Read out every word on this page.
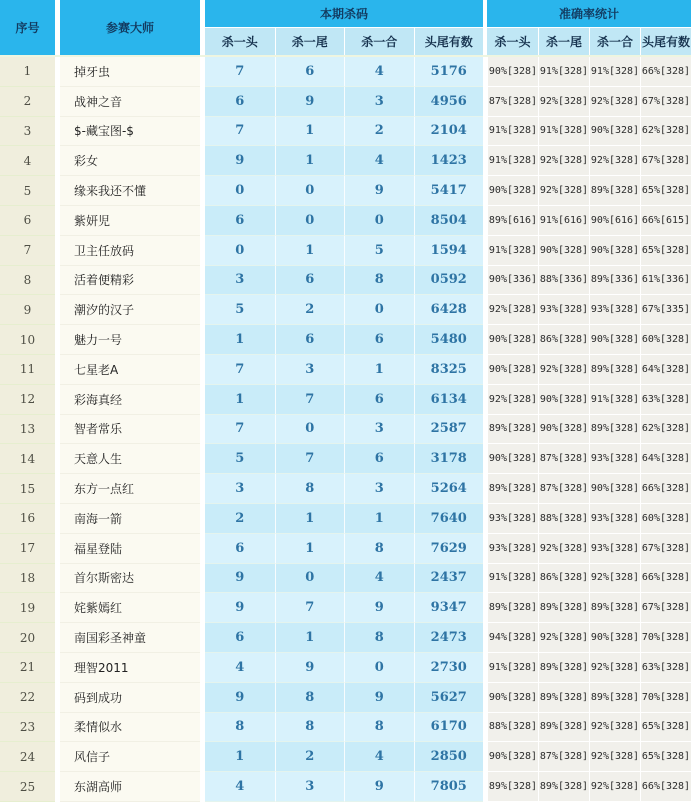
序号	参赛大师
本期杀码
杀一头	杀一尾	杀一合	头尾有数
准确率统计
杀一头	杀一尾	杀一合 头尾有数
1	掉牙虫	7	6	4	5176	90%[328] 91%[328] 91%[328] 66%[328]
2	战神之音	6	9	3	4956	87%[328] 92%[328] 92%[328] 67%[328]
3	$-藏宝图-$	7	1	2	2104	91%[328] 91%[328] 90%[328] 62%[328]
4	彩女	9	1	4	1423	91%[328] 92%[328] 92%[328] 67%[328]
5	缘来我还不懂	0	0	9	5417	90%[328] 92%[328] 89%[328] 65%[328]
6	紫妍児	6	0	0	8504	89%[616] 91%[616] 90%[616] 66%[615]
7	卫主任放码	0	1	5	1594	91%[328] 90%[328] 90%[328] 65%[328]
8	活着便精彩	3	6	8	0592	90%[336] 88%[336] 89%[336] 61%[336]
9	潮汐的汉子	5	2	0	6428	92%[328] 93%[328] 93%[328] 67%[335]
10	魅力一号	1	6	6	5480	90%[328] 86%[328] 90%[328] 60%[328]
11	七星老A	7	3	1	8325	90%[328] 92%[328] 89%[328] 64%[328]
12	彩海真经	1	7	6	6134	92%[328] 90%[328] 91%[328] 63%[328]
13	智者常乐	7	0	3	2587	89%[328] 90%[328] 89%[328] 62%[328]
14	天意人生	5	7	6	3178	90%[328] 87%[328] 93%[328] 64%[328]
15	东方一点红	3	8	3	5264	89%[328] 87%[328] 90%[328] 66%[328]
16	南海一箭	2	1	1	7640	93%[328] 88%[328] 93%[328] 60%[328]
17	福星登陆	6	1	8	7629	93%[328] 92%[328] 93%[328] 67%[328]
18	首尔斯密达	9	0	4	2437	91%[328] 86%[328] 92%[328] 66%[328]
19	姹紫嫣红	9	7	9	9347	89%[328] 89%[328] 89%[328] 67%[328]
20	南国彩圣神童	6	1	8	2473	94%[328] 92%[328] 90%[328] 70%[328]
21	理智2011	4	9	0	2730	91%[328] 89%[328] 92%[328] 63%[328]
22	码到成功	9	8	9	5627	90%[328] 89%[328] 89%[328] 70%[328]
23	柔情似水	8	8	8	6170	88%[328] 89%[328] 92%[328] 65%[328]
24	风信子	1	2	4	2850	90%[328] 87%[328] 92%[328] 65%[328]
25	东湖高师	4	3	9	7805	89%[328] 89%[328] 92%[328] 66%[328]
